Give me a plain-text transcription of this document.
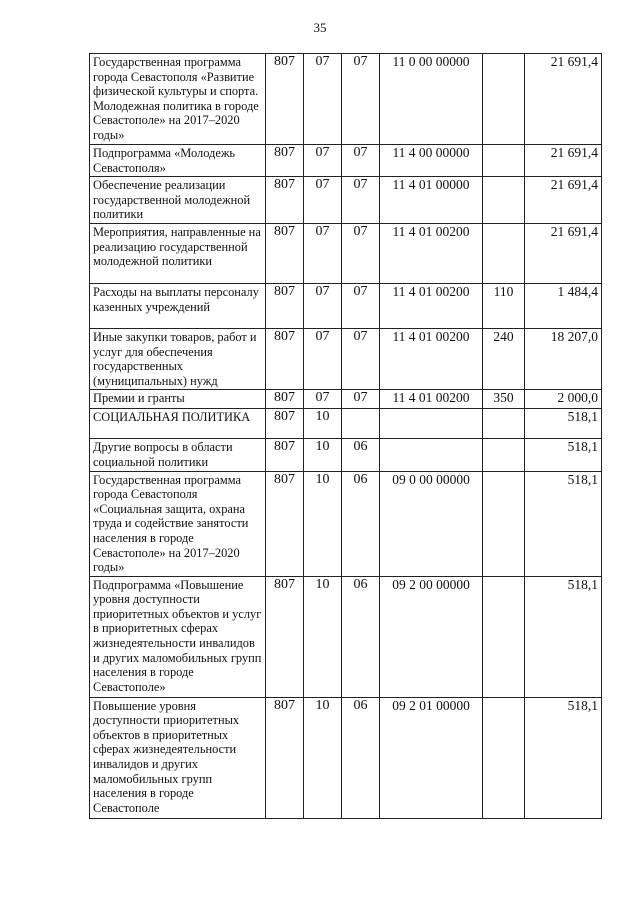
35
Государственная программа города Севастополя «Развитие физической культуры и спорта. Молодежная политика в городе Севастополе» на 2017–2020 годы»	807	07	07	11 0 00 00000		21 691,4
Подпрограмма «Молодежь Севастополя»	807	07	07	11 4 00 00000		21 691,4
Обеспечение реализации государственной молодежной политики	807	07	07	11 4 01 00000		21 691,4
Мероприятия, направленные на реализацию государственной молодежной политики	807	07	07	11 4 01 00200		21 691,4
Расходы на выплаты персоналу казенных учреждений	807	07	07	11 4 01 00200	110	1 484,4
Иные закупки товаров, работ и услуг для обеспечения государственных (муниципальных) нужд	807	07	07	11 4 01 00200	240	18 207,0
Премии и гранты	807	07	07	11 4 01 00200	350	2 000,0
СОЦИАЛЬНАЯ ПОЛИТИКА	807	10				518,1
Другие вопросы в области социальной политики	807	10	06			518,1
Государственная программа города Севастополя «Социальная защита, охрана труда и содействие занятости населения в городе Севастополе» на 2017–2020 годы»	807	10	06	09 0 00 00000		518,1
Подпрограмма «Повышение уровня доступности приоритетных объектов и услуг в приоритетных сферах жизнедеятельности инвалидов и других маломобильных групп населения в городе Севастополе»	807	10	06	09 2 00 00000		518,1
Повышение уровня доступности приоритетных объектов в приоритетных сферах жизнедеятельности инвалидов и других маломобильных групп населения в городе Севастополе	807	10	06	09 2 01 00000		518,1
